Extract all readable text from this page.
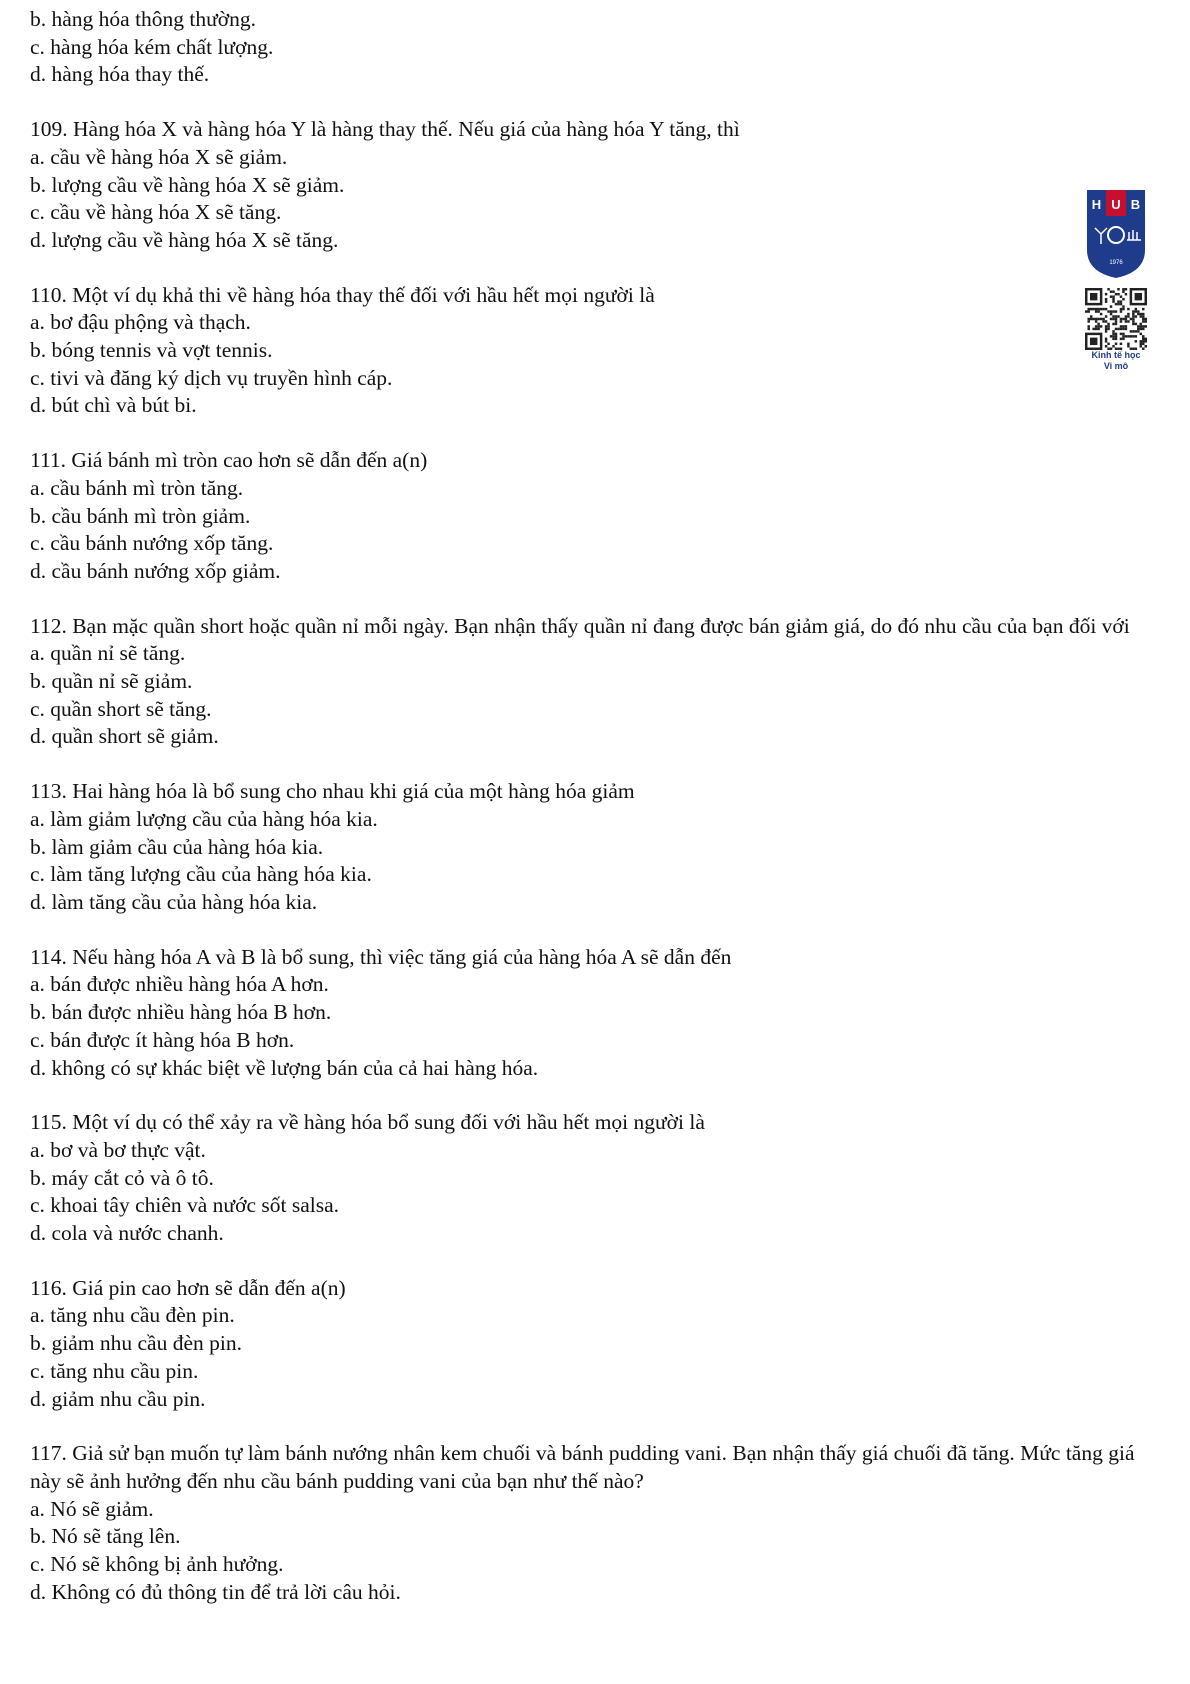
b. hàng hóa thông thường.
c. hàng hóa kém chất lượng.
d. hàng hóa thay thế.
109. Hàng hóa X và hàng hóa Y là hàng thay thế. Nếu giá của hàng hóa Y tăng, thì
a. cầu về hàng hóa X sẽ giảm.
b. lượng cầu về hàng hóa X sẽ giảm.
c. cầu về hàng hóa X sẽ tăng.
d. lượng cầu về hàng hóa X sẽ tăng.
110. Một ví dụ khả thi về hàng hóa thay thế đối với hầu hết mọi người là
a. bơ đậu phộng và thạch.
b. bóng tennis và vợt tennis.
c. tivi và đăng ký dịch vụ truyền hình cáp.
d. bút chì và bút bi.
111. Giá bánh mì tròn cao hơn sẽ dẫn đến a(n)
a. cầu bánh mì tròn tăng.
b. cầu bánh mì tròn giảm.
c. cầu bánh nướng xốp tăng.
d. cầu bánh nướng xốp giảm.
112. Bạn mặc quần short hoặc quần nỉ mỗi ngày. Bạn nhận thấy quần nỉ đang được bán giảm giá, do đó nhu cầu của bạn đối với
a. quần nỉ sẽ tăng.
b. quần nỉ sẽ giảm.
c. quần short sẽ tăng.
d. quần short sẽ giảm.
113. Hai hàng hóa là bổ sung cho nhau khi giá của một hàng hóa giảm
a. làm giảm lượng cầu của hàng hóa kia.
b. làm giảm cầu của hàng hóa kia.
c. làm tăng lượng cầu của hàng hóa kia.
d. làm tăng cầu của hàng hóa kia.
114. Nếu hàng hóa A và B là bổ sung, thì việc tăng giá của hàng hóa A sẽ dẫn đến
a. bán được nhiều hàng hóa A hơn.
b. bán được nhiều hàng hóa B hơn.
c. bán được ít hàng hóa B hơn.
d. không có sự khác biệt về lượng bán của cả hai hàng hóa.
115. Một ví dụ có thể xảy ra về hàng hóa bổ sung đối với hầu hết mọi người là
a. bơ và bơ thực vật.
b. máy cắt cỏ và ô tô.
c. khoai tây chiên và nước sốt salsa.
d. cola và nước chanh.
116. Giá pin cao hơn sẽ dẫn đến a(n)
a. tăng nhu cầu đèn pin.
b. giảm nhu cầu đèn pin.
c. tăng nhu cầu pin.
d. giảm nhu cầu pin.
117. Giả sử bạn muốn tự làm bánh nướng nhân kem chuối và bánh pudding vani. Bạn nhận thấy giá chuối đã tăng. Mức tăng giá này sẽ ảnh hưởng đến nhu cầu bánh pudding vani của bạn như thế nào?
a. Nó sẽ giảm.
b. Nó sẽ tăng lên.
c. Nó sẽ không bị ảnh hưởng.
d. Không có đủ thông tin để trả lời câu hỏi.
H U B
1976
Kinh tế học
Vi mô
